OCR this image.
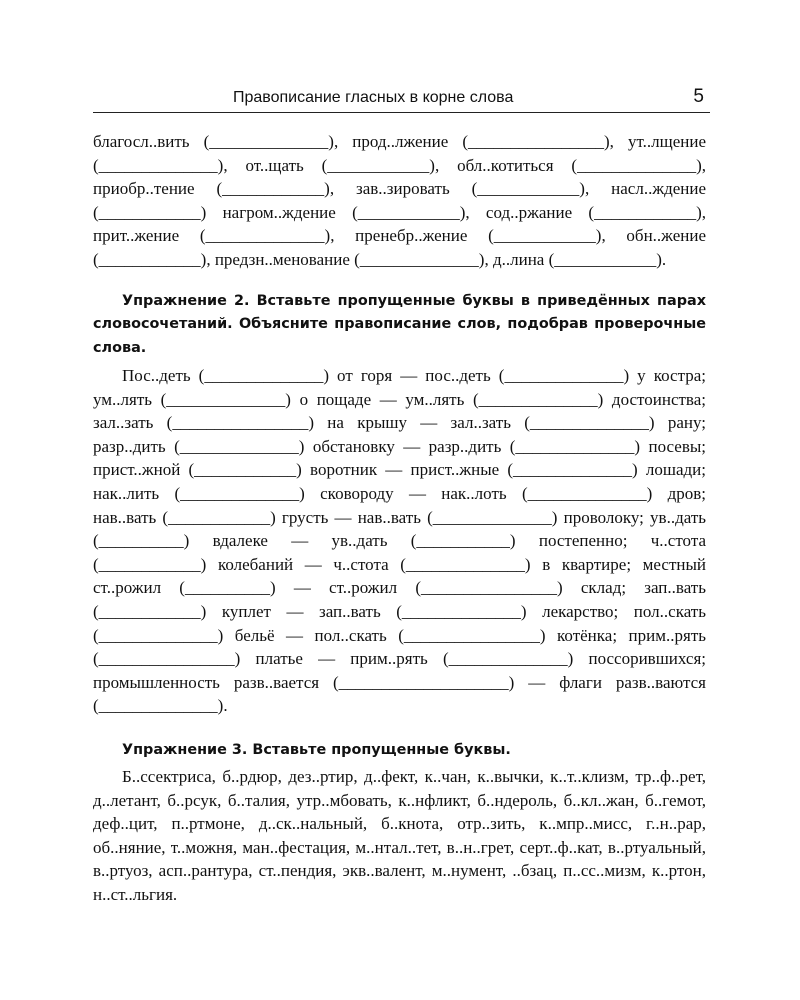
Правописание гласных в корне слова	5

благосл..вить (______________), прод..лжение (________________), ут..лщение (______________), от..щать (____________), обл..котиться (______________), приобр..тение (____________), зав..зировать (____________), насл..ждение (____________) нагром..ждение (____________), сод..ржание (____________), прит..жение (______________), пренебр..жение (____________), обн..жение (____________), предзн..менование (______________), д..лина (____________).

Упражнение 2. Вставьте пропущенные буквы в приведённых парах словосочетаний. Объясните правописание слов, подобрав проверочные слова.

Пос..деть (______________) от горя — пос..деть (______________) у костра; ум..лять (______________) о пощаде — ум..лять (______________) достоинства; зал..зать (________________) на крышу — зал..зать (______________) рану; разр..дить (______________) обстановку — разр..дить (______________) посевы; прист..жной (____________) воротник — прист..жные (______________) лошади; нак..лить (______________) сковороду — нак..лоть (______________) дров; нав..вать (____________) грусть — нав..вать (______________) проволоку; ув..дать (__________) вдалеке — ув..дать (___________) постепенно; ч..стота (____________) колебаний — ч..стота (______________) в квартире; местный ст..рожил (__________) — ст..рожил (________________) склад; зап..вать (____________) куплет — зап..вать (______________) лекарство; пол..скать (______________) бельё — пол..скать (________________) котёнка; прим..рять (________________) платье — прим..рять (______________) поссорившихся; промышленность разв..вается (____________________) — флаги разв..ваются (______________).

Упражнение 3. Вставьте пропущенные буквы.

Б..ссектриса, б..рдюр, дез..ртир, д..фект, к..чан, к..вычки, к..т..клизм, тр..ф..рет, д..летант, б..рсук, б..талия, утр..мбовать, к..нфликт, б..ндероль, б..кл..жан, б..гемот, деф..цит, п..ртмоне, д..ск..нальный, б..кнота, отр..зить, к..мпр..мисс, г..н..рар, об..няние, т..можня, ман..фестация, м..нтал..тет, в..н..грет, серт..ф..кат, в..ртуальный, в..ртуоз, асп..рантура, ст..пендия, экв..валент, м..нумент, ..бзац, п..сс..мизм, к..ртон, н..ст..льгия.
